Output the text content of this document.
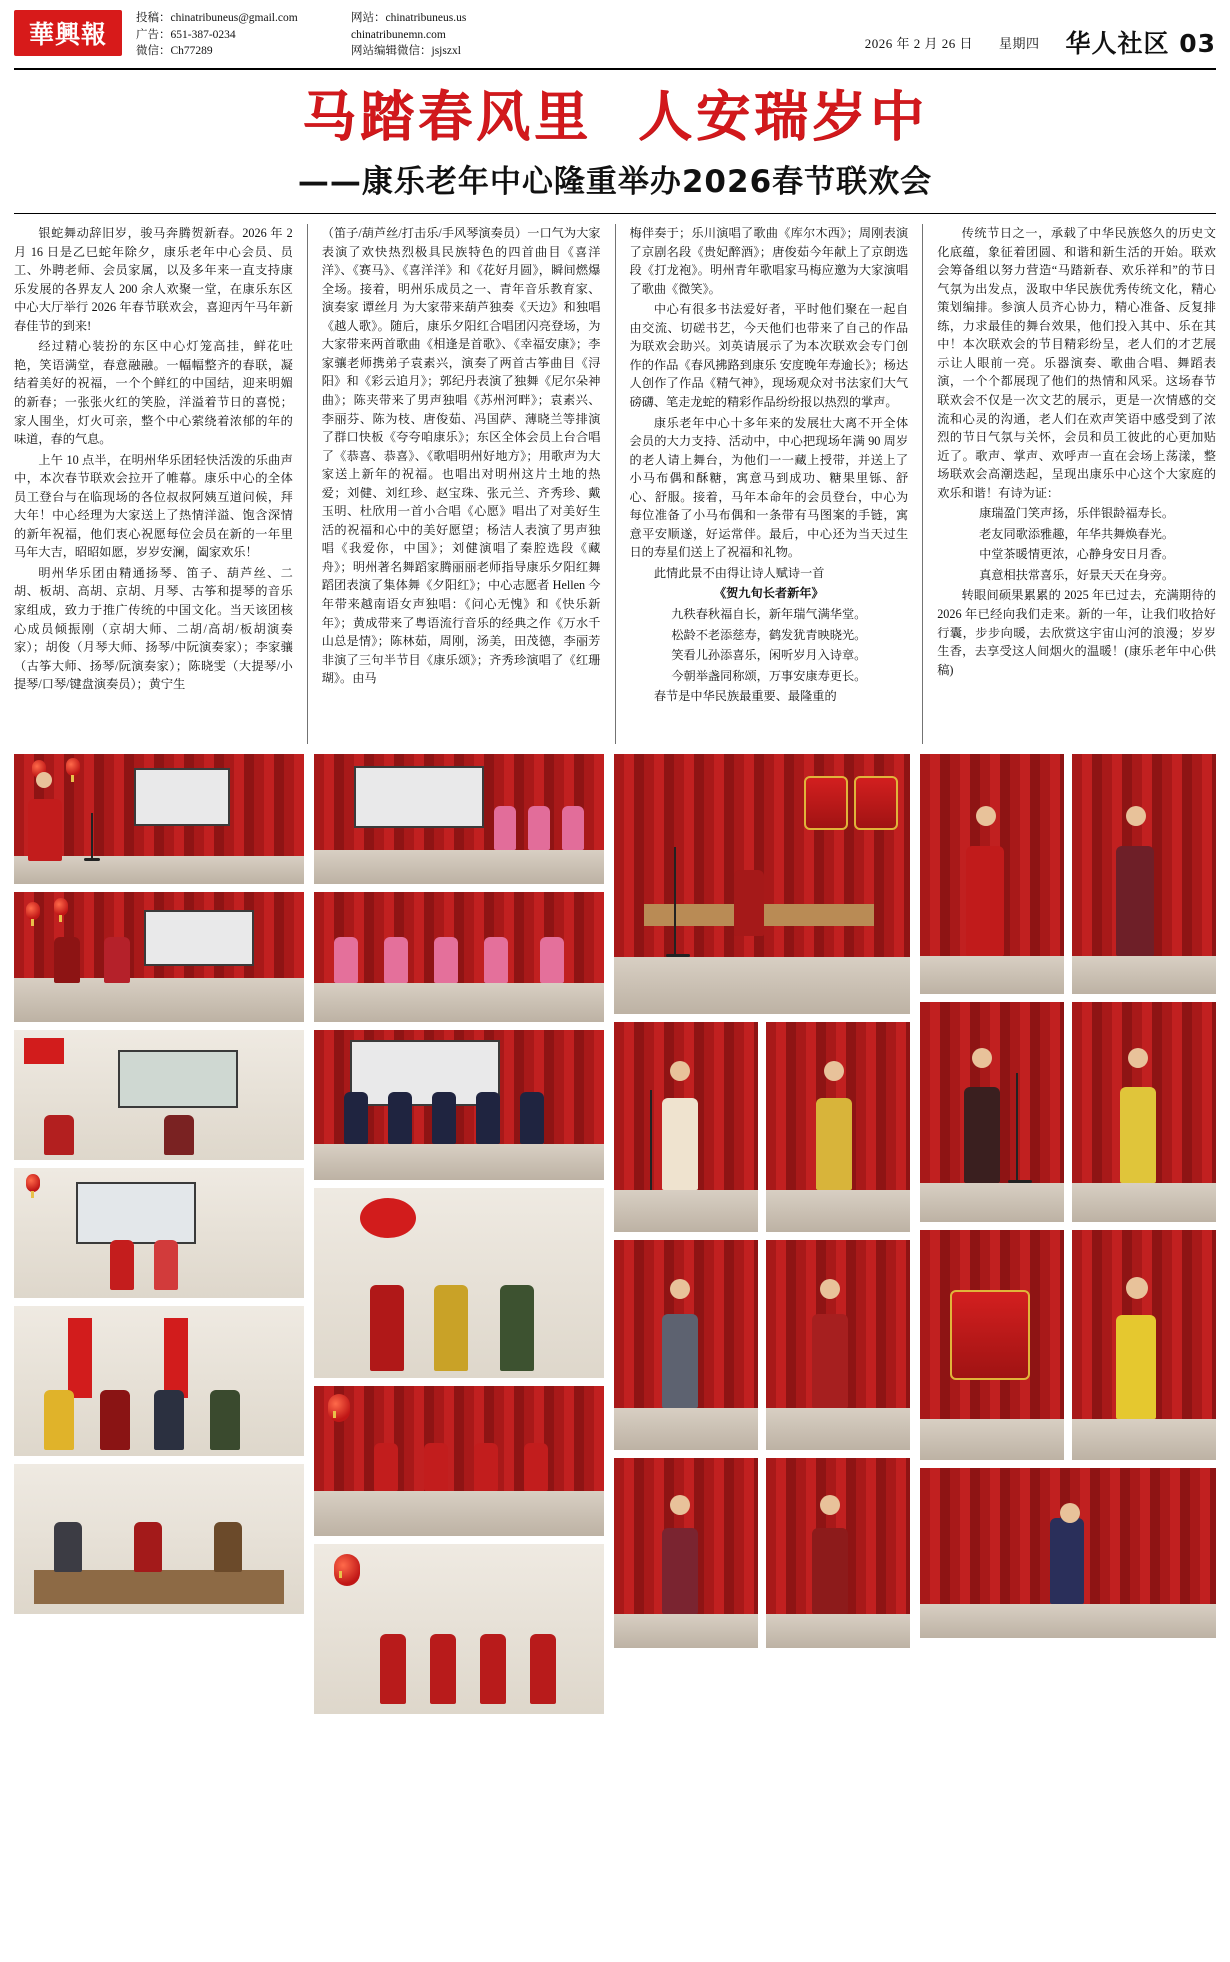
華興報
投稿：chinatribuneus@gmail.com	网站：chinatribuneus.us
广告：651-387-0234	chinatribunemn.com
微信：Ch77289	网站编辑微信：jsjszxl
2026 年 2 月 26 日 星期四 华人社区 03
马踏春风里 人安瑞岁中
——康乐老年中心隆重举办2026春节联欢会

银蛇舞动辞旧岁，骏马奔腾贺新春。2026 年 2 月 16 日是乙巳蛇年除夕，康乐老年中心会员、员工、外聘老师、会员家属，以及多年来一直支持康乐发展的各界友人 200 余人欢聚一堂，在康乐东区中心大厅举行 2026 年春节联欢会，喜迎丙午马年新春佳节的到来!

经过精心装扮的东区中心灯笼高挂，鲜花吐艳，笑语满堂，春意融融。一幅幅整齐的春联，凝结着美好的祝福，一个个鲜红的中国结，迎来明媚的新春；一张张火红的笑脸，洋溢着节日的喜悦；家人围坐，灯火可亲，整个中心萦绕着浓郁的年的味道，春的气息。

上午 10 点半，在明州华乐团轻快活泼的乐曲声中，本次春节联欢会拉开了帷幕。康乐中心的全体员工登台与在临现场的各位叔叔阿姨互道问候，拜大年！中心经理为大家送上了热情洋溢、饱含深情的新年祝福，他们衷心祝愿每位会员在新的一年里马年大吉，昭昭如愿，岁岁安澜，阖家欢乐！

明州华乐团由精通扬琴、笛子、葫芦丝、二胡、板胡、高胡、京胡、月琴、古筝和提琴的音乐家组成，致力于推广传统的中国文化。当天该团核心成员倾振刚（京胡大师、二胡/高胡/板胡演奏家）；胡俊（月琴大师、扬琴/中阮演奏家）；李家骧（古筝大师、扬琴/阮演奏家）；陈晓雯（大提琴/小提琴/口琴/键盘演奏员）；黄宁生

（笛子/葫芦丝/打击乐/手风琴演奏员）一口气为大家表演了欢快热烈极具民族特色的四首曲目《喜洋洋》、《赛马》、《喜洋洋》和《花好月圆》，瞬间燃爆全场。接着，明州乐成员之一、青年音乐教育家、演奏家 谭丝月 为大家带来葫芦独奏《天边》和独唱《越人歌》。随后，康乐夕阳红合唱团闪亮登场，为大家带来两首歌曲《相逢是首歌》、《幸福安康》；李家骧老师携弟子袁素兴，演奏了两首古筝曲目《浔阳》和《彩云追月》；郭纪丹表演了独舞《尼尔朵神曲》；陈夹带来了男声独唱《苏州河畔》；袁素兴、李丽芬、陈为枝、唐俊茹、冯国萨、薄晓兰等排演了群口快板《夸夸咱康乐》；东区全体会员上台合唱了《恭喜、恭喜》、《歌唱明州好地方》；用歌声为大家送上新年的祝福。也唱出对明州这片土地的热爱；刘健、刘红珍、赵宝珠、张元兰、齐秀珍、戴玉明、杜欣用一首小合唱《心愿》唱出了对美好生活的祝福和心中的美好愿望；杨洁人表演了男声独唱《我爱你，中国》；刘健演唱了秦腔选段《藏舟》；明州著名舞蹈家腾丽丽老师指导康乐夕阳红舞蹈团表演了集体舞《夕阳红》；中心志愿者 Hellen 今年带来越南语女声独唱：《问心无愧》和《快乐新年》；黄成带来了粤语流行音乐的经典之作《万水千山总是情》；陈林茹，周刚，汤美，田茂德，李丽芳非演了三句半节目《康乐颂》；齐秀珍演唱了《红珊瑚》。由马

梅伴奏于；乐川演唱了歌曲《库尔木西》；周刚表演了京剧名段《贵妃醉酒》；唐俊茹今年献上了京朗选段《打龙袍》。明州青年歌唱家马梅应邀为大家演唱了歌曲《微笑》。

中心有很多书法爱好者，平时他们聚在一起自由交流、切磋书艺，今天他们也带来了自己的作品为联欢会助兴。刘英请展示了为本次联欢会专门创作的作品《春风拂路到康乐 安度晚年寿逾长》；杨达人创作了作品《精气神》，现场观众对书法家们大气磅礴、笔走龙蛇的精彩作品纷纷报以热烈的掌声。

康乐老年中心十多年来的发展壮大离不开全体会员的大力支持、活动中，中心把现场年满 90 周岁的老人请上舞台，为他们一一藏上授带，并送上了小马布偶和酥糖，寓意马到成功、糖果里铄、舒心、舒服。接着，马年本命年的会员登台，中心为每位准备了小马布偶和一条带有马图案的手链，寓意平安顺遂，好运常伴。最后，中心还为当天过生日的寿星们送上了祝福和礼物。

此情此景不由得让诗人赋诗一首

《贺九旬长者新年》

九秩春秋福自长，新年瑞气满华堂。

松龄不老添慈寿，鹤发犹青映晓光。

笑看儿孙添喜乐，闲听岁月入诗章。

今朝举盏同称颂，万事安康寿更长。

春节是中华民族最重要、最隆重的

传统节日之一，承载了中华民族悠久的历史文化底蕴，象征着团圆、和谐和新生活的开始。联欢会筹备组以努力营造“马踏新春、欢乐祥和”的节日气氛为出发点，汲取中华民族优秀传统文化，精心策划编排。参演人员齐心协力，精心准备、反复排练，力求最佳的舞台效果，他们投入其中、乐在其中！本次联欢会的节目精彩纷呈，老人们的才艺展示让人眼前一亮。乐器演奏、歌曲合唱、舞蹈表演，一个个都展现了他们的热情和风采。这场春节联欢会不仅是一次文艺的展示，更是一次情感的交流和心灵的沟通，老人们在欢声笑语中感受到了浓烈的节日气氛与关怀，会员和员工彼此的心更加贴近了。歌声、掌声、欢呼声一直在会场上荡漾，整场联欢会高潮迭起，呈现出康乐中心这个大家庭的欢乐和谐！有诗为证：

康瑞盈门笑声扬，乐伴银龄福寿长。

老友同歌添雅趣，年华共舞焕春光。

中堂茶暖情更浓，心静身安日月香。

真意相扶常喜乐，好景天天在身旁。

转眼间硕果累累的 2025 年已过去，充满期待的 2026 年已经向我们走来。新的一年，让我们收拾好行囊，步步向暖，去欣赏这宇宙山河的浪漫；岁岁生香，去享受这人间烟火的温暖！(康乐老年中心供稿)
